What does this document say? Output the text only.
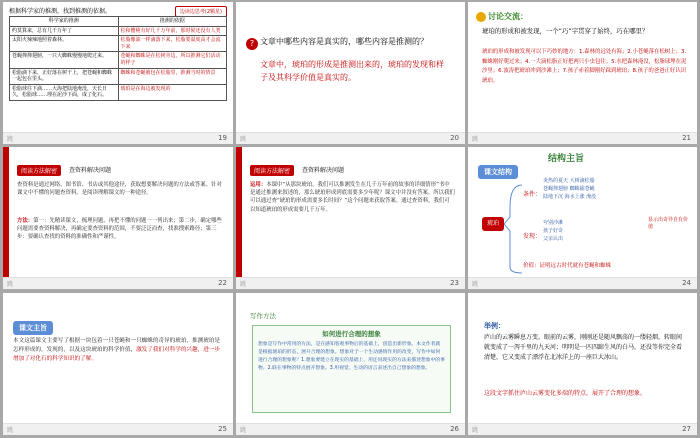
根据科学家的推测，找到推测的依据。	边读边思考(2颗星)
科学家的推测	推测的依据
约莫算来，总有几千万年了	松和樱桃有好几千万年前，那时候还没有人类
太阳火辣辣地照着森林。	松脂像油一样滴落下来，松脂要温度高才会流下来
苍蝇掸掸翅膀，一只大蜘蛛慢慢地爬过来。	苍蝇和蜘蛛是在松树旁边，所以推测它们活动的样子
松脂滴下来，正好落在树干上，把苍蝇和蜘蛛一起包在里头。	蜘蛛和苍蝇被包在松脂里，推测当时的情景
松脂球往下滴……大海把陆地淹没，天长日久，松脂球……埋在泥沙下面，成了化石。	琥珀是在海边被发现的
跳	19
? 文章中哪些内容是真实的，哪些内容是推测的？
文章中，琥珀的形成是推测出来的，琥珀的发现和样子及其科学价值是真实的。
跳	20
讨论交流：
琥珀的形成和被发现，一个“巧”字贯穿了始终，巧在哪里？
琥珀的形成和被发现可以下巧妙的地方：1.森林的远处有海；2.小苍蝇落在松树上；3.蜘蛛刚好爬过来；4.一大滴松脂正好把两只小虫包住；5.水把森林淹没，松脂球埋在泥沙里；6.波涛把琥珀冲到沙滩上；7.孩子赤着脚刚好踩到琥珀；8.孩子的爸爸正好认识琥珀。
跳	21
阅读方法解密	查资料解决问题
查资料是通过网络、图书馆、书店或其他途径，获取想要解决问题的方法或答案。针对课文中不懂的问题查资料，是阅读理解课文的一种途径。
方法：第一：先精读课文，梳理问题，再把不懂的问题一一列出来；第二步，确定哪些问题需要查资料解决，再确定要查资料的范围，不要泛泛而查，找准搜索路径；第三步：要确认查找的资料的准确性和严谨性。
跳	22
阅读方法解密	查资料解决问题
运用：本课中“从那块琥珀，我们可以推测发生在几千万年前的故事的详细情形”书中是通过推测来叙述的，那么琥珀形成到底需要多少年呢？课文中并没有答案。所以我们可以通过查“琥珀的形成需要多长时间？”这个问题来获取答案。通过查资料，我们可以知道琥珀的形成需要几千万年。
跳	23
结构主旨
课文结构
琥珀
条件：
炎热的夏天 大树滴松脂
苍蝇掸翅膀 蜘蛛捕苍蝇
陆地下沉 海水上涨 淹没
发现：
夸别沙滩
孩子好奇
父亲认出
价值：证明远古时代就有苍蝇和蜘蛛
显示出奇异自有价值
跳	24
课文主旨
本文这篇课文主要写了根据一块包着一只苍蝇和一只蜘蛛的奇异的琥珀，推测琥珀是怎样形成的，发现的，以及这块琥珀的科学价值，激发了我们对科学的兴趣，进一步增加了对化石的科学知识的了解。
跳	25
写作方法
如何进行合理的想象
想象是写作中常用的方法，是在感知客观事物后的基础上，创造出新形象。本文作者就是根据琥珀的形态，展开合理的想象。想象对于一个生动感情作用的改变，写作中如何进行合理的想象呢？1.想象要建立在现实的基础上，用还说现实的方法来描述想象中的事物。2.联在事物的特点展开想象。3.用视觉、生动的语言表述出自己想象的想象。
跳	26
举例：
庐山的云雾瞬息万变。眼前的云雾，刚刚还是随风飘荡的一缕轻烟，转眼间就变成了一泻千里的九天河；明明是一匹四蹄生风的白马，还没等你完全看清楚，它又变成了漂浮在北冰洋上的一座巨大冰山。
这段文字抓住庐山云雾变化多端的特点，展开了合理的想象。
跳	27
